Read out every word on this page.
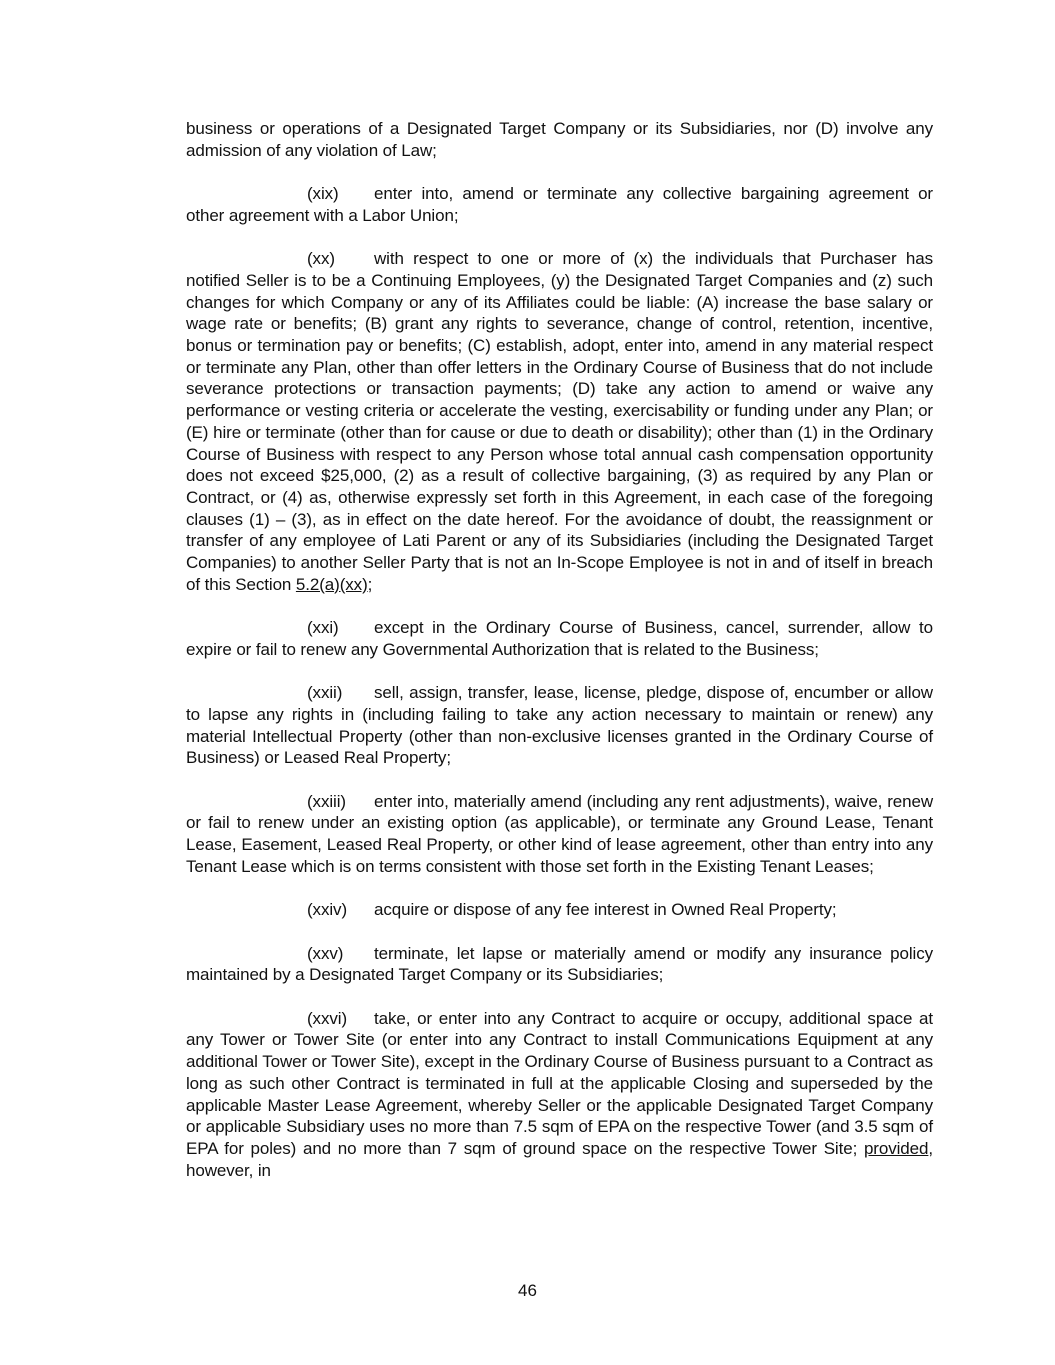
business or operations of a Designated Target Company or its Subsidiaries, nor (D) involve any admission of any violation of Law;

(xix) enter into, amend or terminate any collective bargaining agreement or other agreement with a Labor Union;

(xx) with respect to one or more of (x) the individuals that Purchaser has notified Seller is to be a Continuing Employees, (y) the Designated Target Companies and (z) such changes for which Company or any of its Affiliates could be liable: (A) increase the base salary or wage rate or benefits; (B) grant any rights to severance, change of control, retention, incentive, bonus or termination pay or benefits; (C) establish, adopt, enter into, amend in any material respect or terminate any Plan, other than offer letters in the Ordinary Course of Business that do not include severance protections or transaction payments; (D) take any action to amend or waive any performance or vesting criteria or accelerate the vesting, exercisability or funding under any Plan; or (E) hire or terminate (other than for cause or due to death or disability); other than (1) in the Ordinary Course of Business with respect to any Person whose total annual cash compensation opportunity does not exceed $25,000, (2) as a result of collective bargaining, (3) as required by any Plan or Contract, or (4) as, otherwise expressly set forth in this Agreement, in each case of the foregoing clauses (1) – (3), as in effect on the date hereof. For the avoidance of doubt, the reassignment or transfer of any employee of Lati Parent or any of its Subsidiaries (including the Designated Target Companies) to another Seller Party that is not an In-Scope Employee is not in and of itself in breach of this Section 5.2(a)(xx);

(xxi) except in the Ordinary Course of Business, cancel, surrender, allow to expire or fail to renew any Governmental Authorization that is related to the Business;

(xxii) sell, assign, transfer, lease, license, pledge, dispose of, encumber or allow to lapse any rights in (including failing to take any action necessary to maintain or renew) any material Intellectual Property (other than non-exclusive licenses granted in the Ordinary Course of Business) or Leased Real Property;

(xxiii) enter into, materially amend (including any rent adjustments), waive, renew or fail to renew under an existing option (as applicable), or terminate any Ground Lease, Tenant Lease, Easement, Leased Real Property, or other kind of lease agreement, other than entry into any Tenant Lease which is on terms consistent with those set forth in the Existing Tenant Leases;

(xxiv) acquire or dispose of any fee interest in Owned Real Property;

(xxv) terminate, let lapse or materially amend or modify any insurance policy maintained by a Designated Target Company or its Subsidiaries;

(xxvi) take, or enter into any Contract to acquire or occupy, additional space at any Tower or Tower Site (or enter into any Contract to install Communications Equipment at any additional Tower or Tower Site), except in the Ordinary Course of Business pursuant to a Contract as long as such other Contract is terminated in full at the applicable Closing and superseded by the applicable Master Lease Agreement, whereby Seller or the applicable Designated Target Company or applicable Subsidiary uses no more than 7.5 sqm of EPA on the respective Tower (and 3.5 sqm of EPA for poles) and no more than 7 sqm of ground space on the respective Tower Site; provided, however, in

46
